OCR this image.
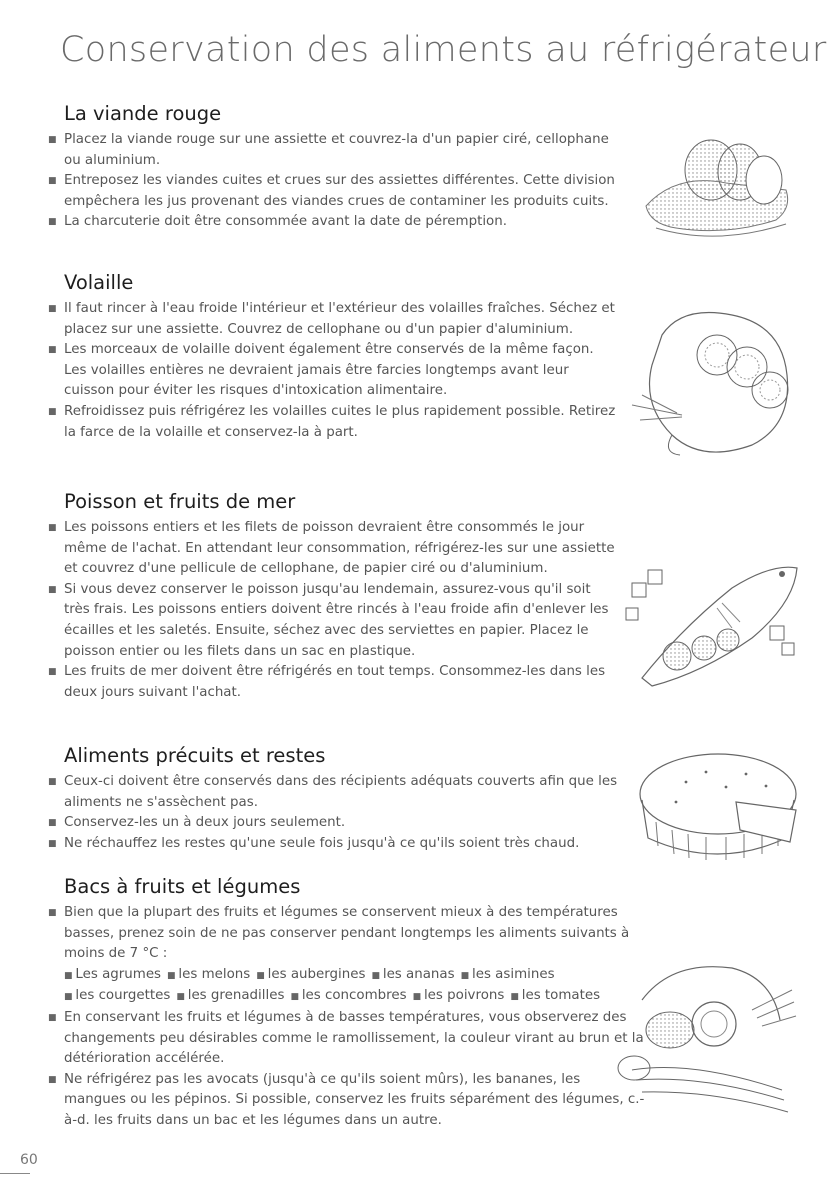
Conservation des aliments au réfrigérateur
La viande rouge
■ Placez la viande rouge sur une assiette et couvrez-la d'un papier ciré, cellophane ou aluminium.
■ Entreposez les viandes cuites et crues sur des assiettes différentes. Cette division empêchera les jus provenant des viandes crues de contaminer les produits cuits.
■ La charcuterie doit être consommée avant la date de péremption.
Volaille
■ Il faut rincer à l'eau froide l'intérieur et l'extérieur des volailles fraîches. Séchez et placez sur une assiette. Couvrez de cellophane ou d'un papier d'aluminium.
■ Les morceaux de volaille doivent également être conservés de la même façon. Les volailles entières ne devraient jamais être farcies longtemps avant leur cuisson pour éviter les risques d'intoxication alimentaire.
■ Refroidissez puis réfrigérez les volailles cuites le plus rapidement possible. Retirez la farce de la volaille et conservez-la à part.
Poisson et fruits de mer
■ Les poissons entiers et les filets de poisson devraient être consommés le jour même de l'achat. En attendant leur consommation, réfrigérez-les sur une assiette et couvrez d'une pellicule de cellophane, de papier ciré ou d'aluminium.
■ Si vous devez conserver le poisson jusqu'au lendemain, assurez-vous qu'il soit très frais. Les poissons entiers doivent être rincés à l'eau froide afin d'enlever les écailles et les saletés. Ensuite, séchez avec des serviettes en papier. Placez le poisson entier ou les filets dans un sac en plastique.
■ Les fruits de mer doivent être réfrigérés en tout temps. Consommez-les dans les deux jours suivant l'achat.
Aliments précuits et restes
■ Ceux-ci doivent être conservés dans des récipients adéquats couverts afin que les aliments ne s'assèchent pas.
■ Conservez-les un à deux jours seulement.
■ Ne réchauffez les restes qu'une seule fois jusqu'à ce qu'ils soient très chaud.
Bacs à fruits et légumes
■ Bien que la plupart des fruits et légumes se conservent mieux à des températures basses, prenez soin de ne pas conserver pendant longtemps les aliments suivants à moins de 7 °C :
■ Les agrumes ■ les melons ■ les aubergines ■ les ananas ■ les asimines
■ les courgettes ■ les grenadilles ■ les concombres ■ les poivrons ■ les tomates
■ En conservant les fruits et légumes à de basses températures, vous observerez des changements peu désirables comme le ramollissement, la couleur virant au brun et la détérioration accélérée.
■ Ne réfrigérez pas les avocats (jusqu'à ce qu'ils soient mûrs), les bananes, les mangues ou les pépinos. Si possible, conservez les fruits séparément des légumes, c.-à-d. les fruits dans un bac et les légumes dans un autre.
60
